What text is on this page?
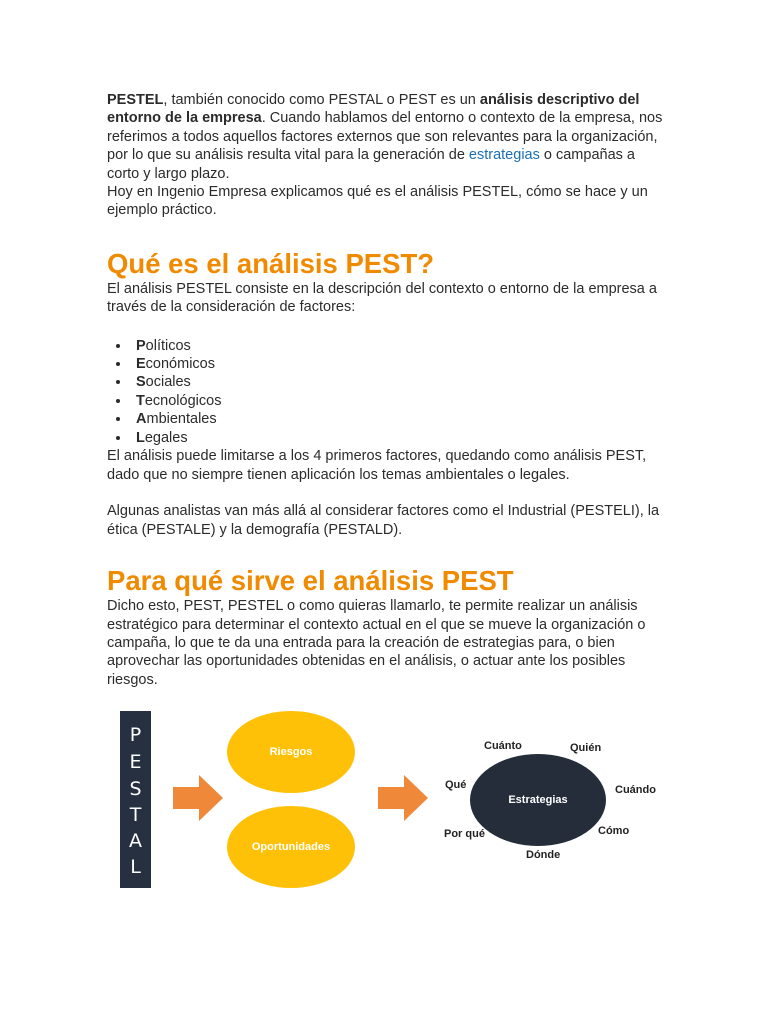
PESTEL, también conocido como PESTAL o PEST es un análisis descriptivo del entorno de la empresa. Cuando hablamos del entorno o contexto de la empresa, nos referimos a todos aquellos factores externos que son relevantes para la organización, por lo que su análisis resulta vital para la generación de estrategias o campañas a corto y largo plazo.

Hoy en Ingenio Empresa explicamos qué es el análisis PESTEL, cómo se hace y un ejemplo práctico.

Qué es el análisis PEST?

El análisis PESTEL consiste en la descripción del contexto o entorno de la empresa a través de la consideración de factores:

• Políticos
• Económicos
• Sociales
• Tecnológicos
• Ambientales
• Legales

El análisis puede limitarse a los 4 primeros factores, quedando como análisis PEST, dado que no siempre tienen aplicación los temas ambientales o legales.

Algunas analistas van más allá al considerar factores como el Industrial (PESTELI), la ética (PESTALE) y la demografía (PESTALD).

Para qué sirve el análisis PEST

Dicho esto, PEST, PESTEL o como quieras llamarlo, te permite realizar un análisis estratégico para determinar el contexto actual en el que se mueve la organización o campaña, lo que te da una entrada para la creación de estrategias para, o bien aprovechar las oportunidades obtenidas en el análisis, o actuar ante los posibles riesgos.

P
E
S
T
A
L
Riesgos
Oportunidades
Estrategias
Cuánto	Quién
Qué	Cuándo
Por qué	Cómo
Dónde
